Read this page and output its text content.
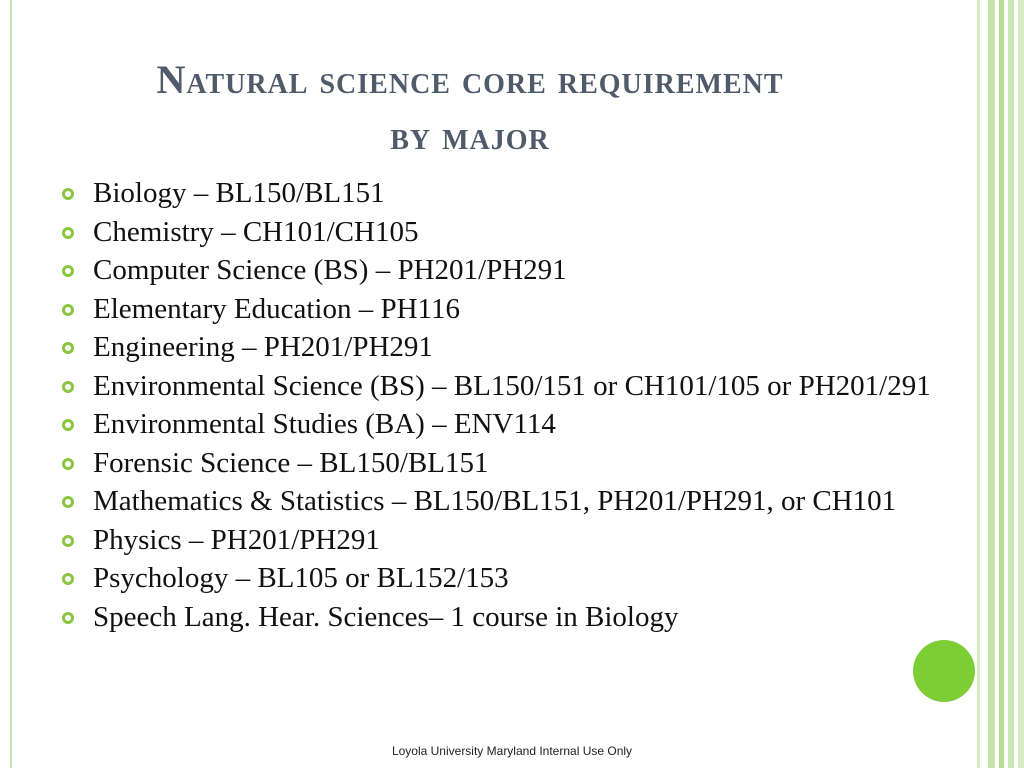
Natural science core requirement
by major
Biology – BL150/BL151
Chemistry – CH101/CH105
Computer Science (BS) – PH201/PH291
Elementary Education – PH116
Engineering – PH201/PH291
Environmental Science (BS) – BL150/151 or CH101/105 or PH201/291
Environmental Studies (BA) – ENV114
Forensic Science – BL150/BL151
Mathematics & Statistics – BL150/BL151, PH201/PH291, or CH101
Physics – PH201/PH291
Psychology – BL105 or BL152/153
Speech Lang. Hear. Sciences– 1 course in Biology
Loyola University Maryland Internal Use Only
